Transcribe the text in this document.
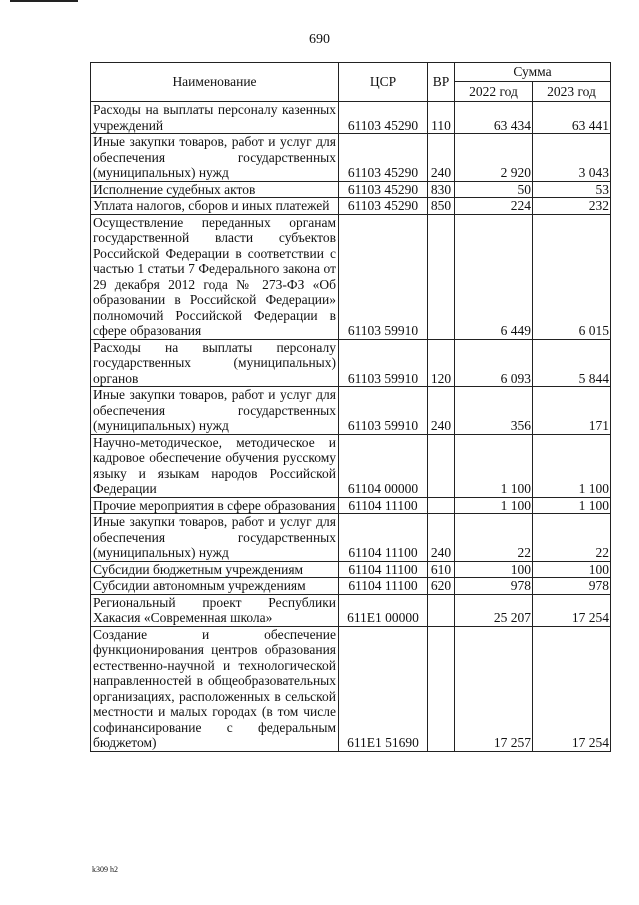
690
Наименование	ЦСР	ВР	Сумма	
			2022 год	2023 год
Расходы на выплаты персоналу казенных учреждений	61103 45290	110	63 434	63 441
Иные закупки товаров, работ и услуг для обеспечения государственных (муниципальных) нужд	61103 45290	240	2 920	3 043
Исполнение судебных актов	61103 45290	830	50	53
Уплата налогов, сборов и иных платежей	61103 45290	850	224	232
Осуществление переданных органам государственной власти субъектов Российской Федерации в соответствии с частью 1 статьи 7 Федерального закона от 29 декабря 2012 года № 273-ФЗ «Об образовании в Российской Федерации» полномочий Российской Федерации в сфере образования	61103 59910		6 449	6 015
Расходы на выплаты персоналу государственных (муниципальных) органов	61103 59910	120	6 093	5 844
Иные закупки товаров, работ и услуг для обеспечения государственных (муниципальных) нужд	61103 59910	240	356	171
Научно-методическое, методическое и кадровое обеспечение обучения русскому языку и языкам народов Российской Федерации	61104 00000		1 100	1 100
Прочие мероприятия в сфере образования	61104 11100		1 100	1 100
Иные закупки товаров, работ и услуг для обеспечения государственных (муниципальных) нужд	61104 11100	240	22	22
Субсидии бюджетным учреждениям	61104 11100	610	100	100
Субсидии автономным учреждениям	61104 11100	620	978	978
Региональный проект Республики Хакасия «Современная школа»	611E1 00000		25 207	17 254
Создание и обеспечение функционирования центров образования естественно-научной и технологической направленностей в общеобразовательных организациях, расположенных в сельской местности и малых городах (в том числе софинансирование с федеральным бюджетом)	611E1 51690		17 257	17 254
k309 h2
